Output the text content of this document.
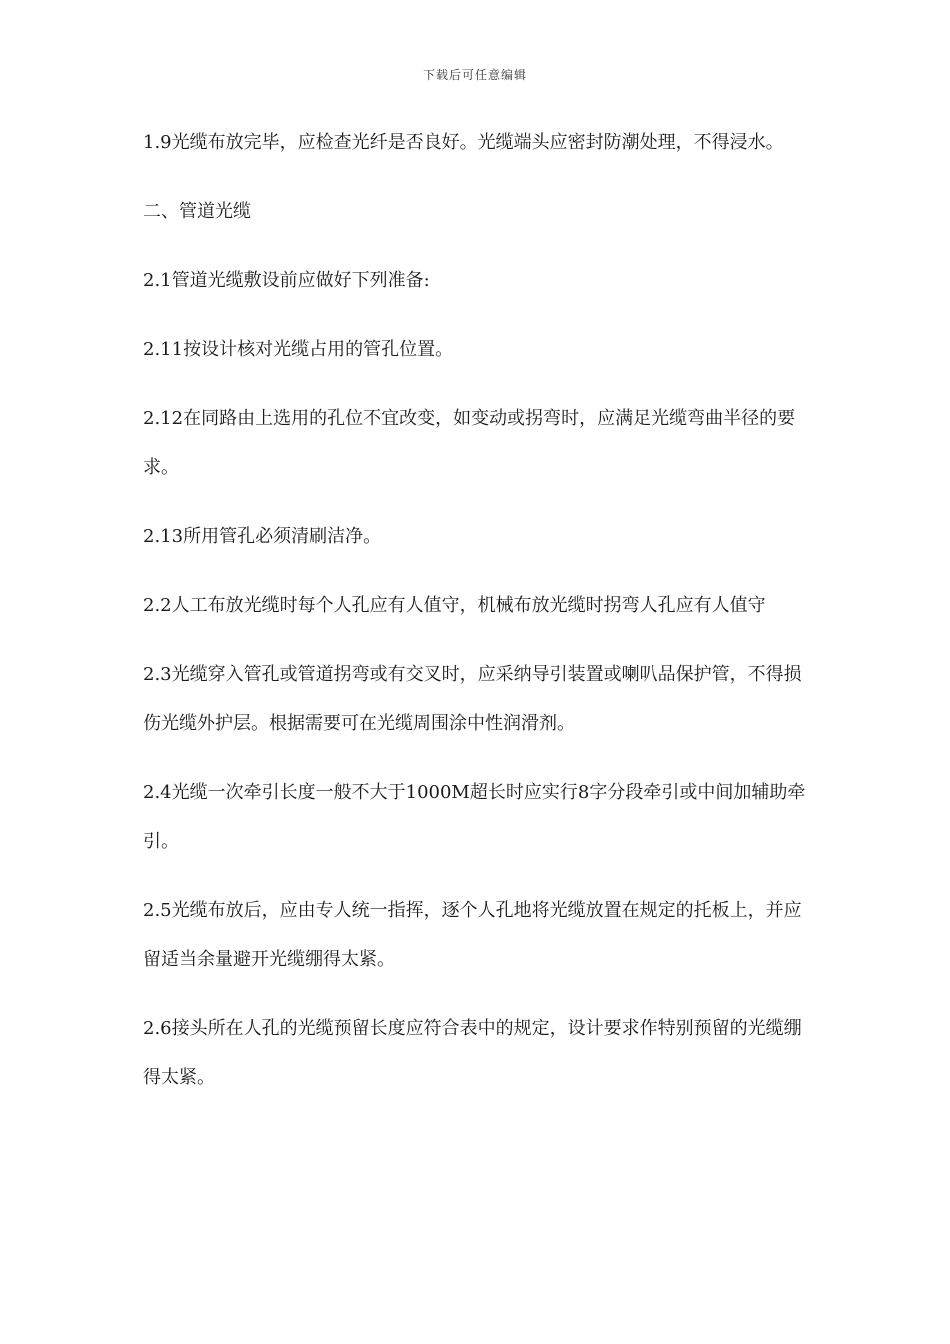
下载后可任意编辑

1.9光缆布放完毕，应检查光纤是否良好。光缆端头应密封防潮处理，不得浸水。

二、管道光缆

2.1管道光缆敷设前应做好下列准备:

2.11按设计核对光缆占用的管孔位置。

2.12在同路由上选用的孔位不宜改变，如变动或拐弯时，应满足光缆弯曲半径的要求。

2.13所用管孔必须清刷洁净。

2.2人工布放光缆时每个人孔应有人值守，机械布放光缆时拐弯人孔应有人值守

2.3光缆穿入管孔或管道拐弯或有交叉时，应采纳导引装置或喇叭品保护管，不得损伤光缆外护层。根据需要可在光缆周围涂中性润滑剂。

2.4光缆一次牵引长度一般不大于1000M超长时应实行8字分段牵引或中间加辅助牵引。

2.5光缆布放后，应由专人统一指挥，逐个人孔地将光缆放置在规定的托板上，并应留适当余量避开光缆绷得太紧。

2.6接头所在人孔的光缆预留长度应符合表中的规定，设计要求作特别预留的光缆绷得太紧。
